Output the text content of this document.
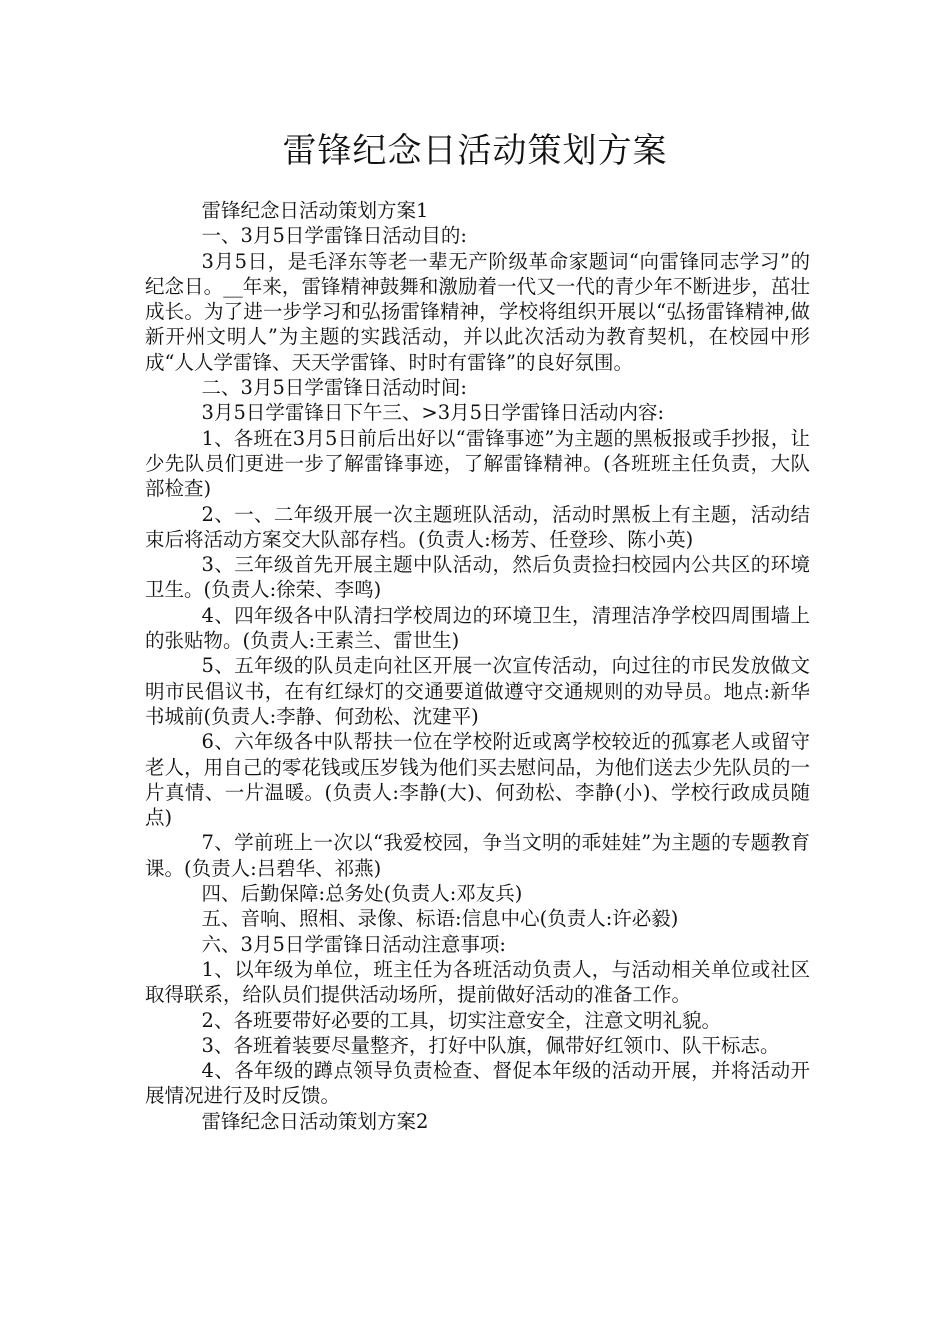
雷锋纪念日活动策划方案

雷锋纪念日活动策划方案1

一、3月5日学雷锋日活动目的:

3月5日，是毛泽东等老一辈无产阶级革命家题词“向雷锋同志学习”的纪念日。__年来，雷锋精神鼓舞和激励着一代又一代的青少年不断进步，茁壮成长。为了进一步学习和弘扬雷锋精神，学校将组织开展以“弘扬雷锋精神,做新开州文明人”为主题的实践活动，并以此次活动为教育契机，在校园中形成“人人学雷锋、天天学雷锋、时时有雷锋”的良好氛围。

二、3月5日学雷锋日活动时间:

3月5日学雷锋日下午三、>3月5日学雷锋日活动内容:

1、各班在3月5日前后出好以“雷锋事迹”为主题的黑板报或手抄报，让少先队员们更进一步了解雷锋事迹，了解雷锋精神。(各班班主任负责，大队部检查)

2、一、二年级开展一次主题班队活动，活动时黑板上有主题，活动结束后将活动方案交大队部存档。(负责人:杨芳、任登珍、陈小英)

3、三年级首先开展主题中队活动，然后负责捡扫校园内公共区的环境卫生。(负责人:徐荣、李鸣)

4、四年级各中队清扫学校周边的环境卫生，清理洁净学校四周围墙上的张贴物。(负责人:王素兰、雷世生)

5、五年级的队员走向社区开展一次宣传活动，向过往的市民发放做文明市民倡议书，在有红绿灯的交通要道做遵守交通规则的劝导员。地点:新华书城前(负责人:李静、何劲松、沈建平)

6、六年级各中队帮扶一位在学校附近或离学校较近的孤寡老人或留守老人，用自己的零花钱或压岁钱为他们买去慰问品，为他们送去少先队员的一片真情、一片温暖。(负责人:李静(大)、何劲松、李静(小)、学校行政成员随点)

7、学前班上一次以“我爱校园，争当文明的乖娃娃”为主题的专题教育课。(负责人:吕碧华、祁燕)

四、后勤保障:总务处(负责人:邓友兵)

五、音响、照相、录像、标语:信息中心(负责人:许必毅)

六、3月5日学雷锋日活动注意事项:

1、以年级为单位，班主任为各班活动负责人，与活动相关单位或社区取得联系，给队员们提供活动场所，提前做好活动的准备工作。

2、各班要带好必要的工具，切实注意安全，注意文明礼貌。

3、各班着装要尽量整齐，打好中队旗，佩带好红领巾、队干标志。

4、各年级的蹲点领导负责检查、督促本年级的活动开展，并将活动开展情况进行及时反馈。

雷锋纪念日活动策划方案2
